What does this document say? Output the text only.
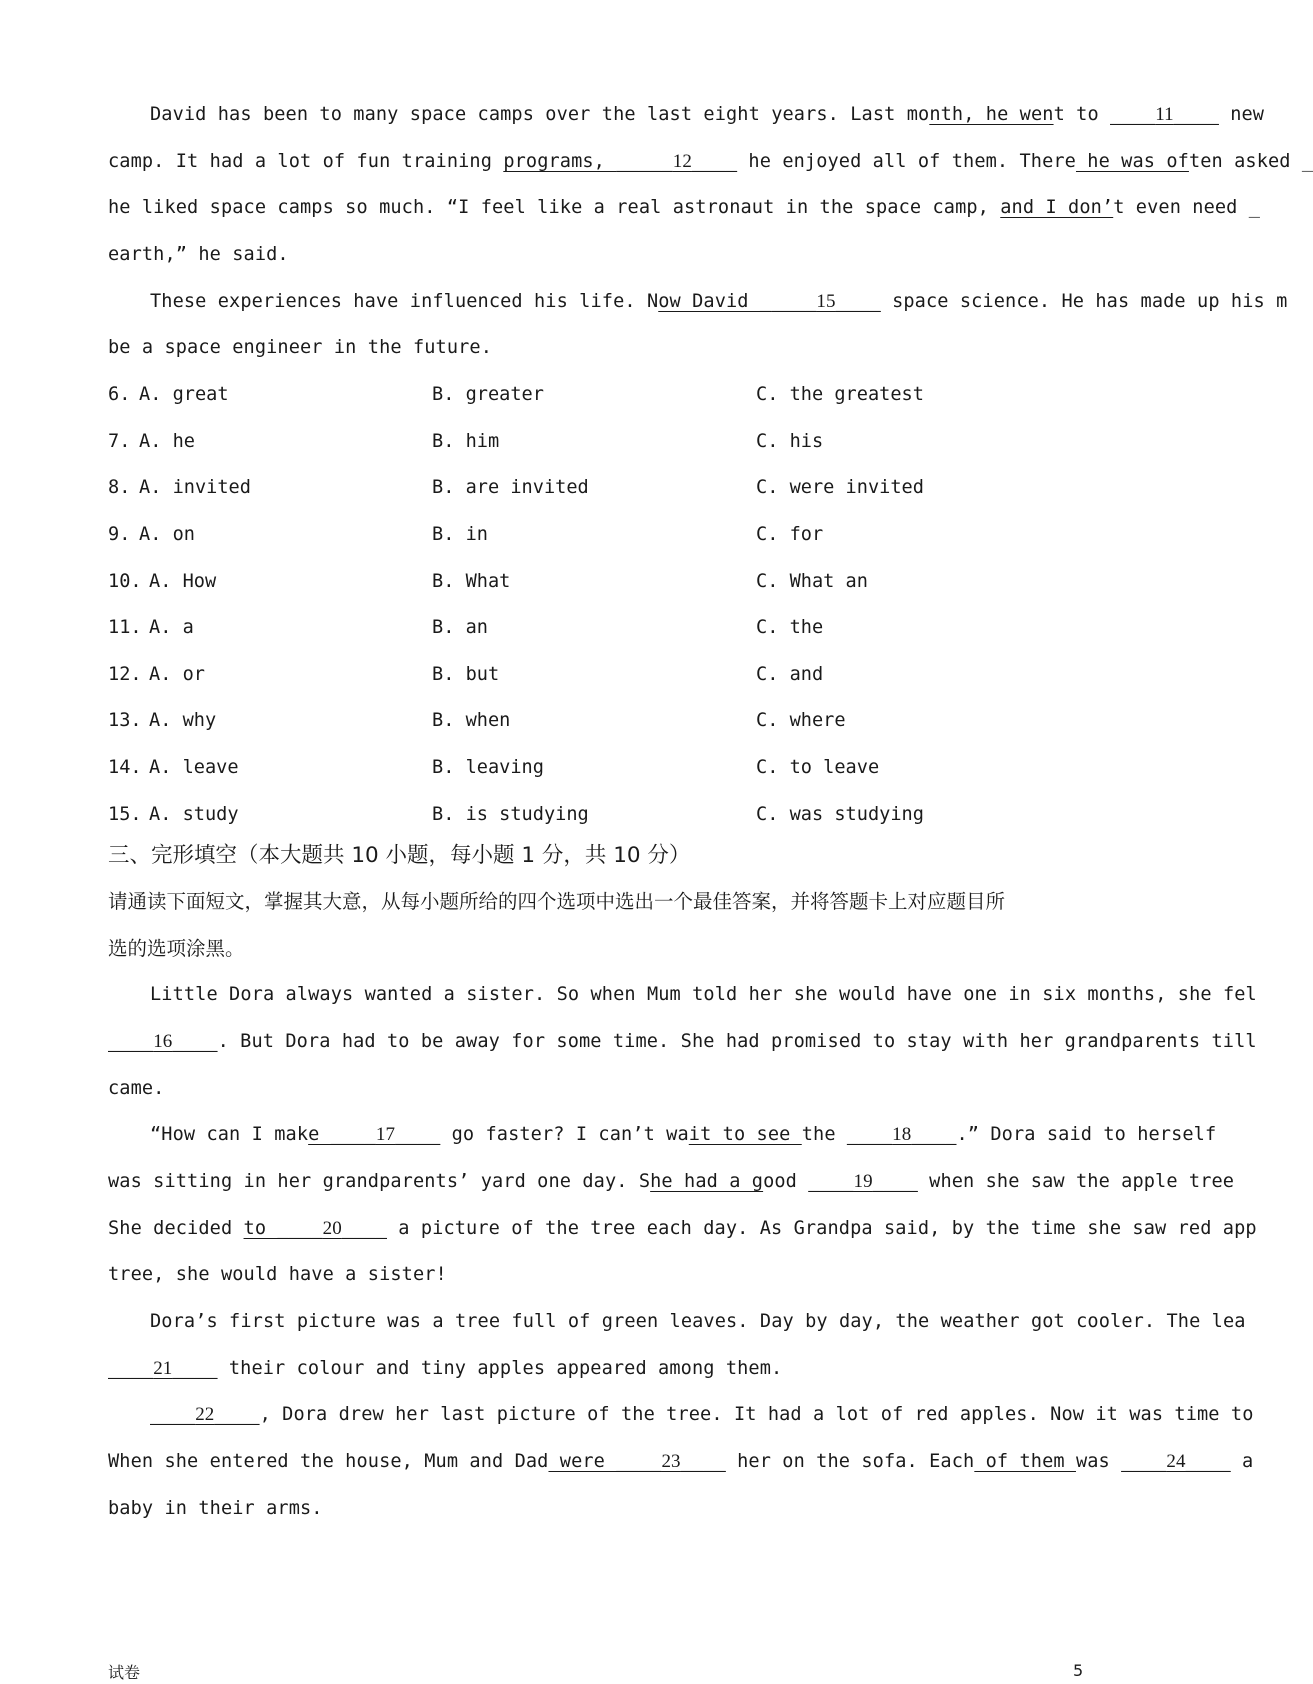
David has been to many space camps over the last eight years. Last month, he went to ____11____ new
camp. It had a lot of fun training programs, _____12____ he enjoyed all of them. There he was often asked _
he liked space camps so much. “I feel like a real astronaut in the space camp, and I don’t even need _
earth,” he said.
These experiences have influenced his life. Now David _____15____ space science. He has made up his m
be a space engineer in the future.
6. A. great	B. greater	C. the greatest
7. A. he	B. him	C. his
8. A. invited	B. are invited	C. were invited
9. A. on	B. in	C. for
10. A. How	B. What	C. What an
11. A. a	B. an	C. the
12. A. or	B. but	C. and
13. A. why	B. when	C. where
14. A. leave	B. leaving	C. to leave
15. A. study	B. is studying	C. was studying
三、完形填空（本大题共 10 小题，每小题 1 分，共 10 分）
请通读下面短文，掌握其大意，从每小题所给的四个选项中选出一个最佳答案，并将答题卡上对应题目所
选的选项涂黑。
Little Dora always wanted a sister. So when Mum told her she would have one in six months, she fel
____16____. But Dora had to be away for some time. She had promised to stay with her grandparents till
came.
“How can I make ____17____ go faster? I can’t wait to see the ____18____.” Dora said to herself
was sitting in her grandparents’ yard one day. She had a good ____19____ when she saw the apple tree
She decided to ____20____ a picture of the tree each day. As Grandpa said, by the time she saw red app
tree, she would have a sister!
Dora’s first picture was a tree full of green leaves. Day by day, the weather got cooler. The lea
____21____ their colour and tiny apples appeared among them.
____22____, Dora drew her last picture of the tree. It had a lot of red apples. Now it was time to
When she entered the house, Mum and Dad were ____23____ her on the sofa. Each of them was ____24____ a
baby in their arms.
试卷	5
